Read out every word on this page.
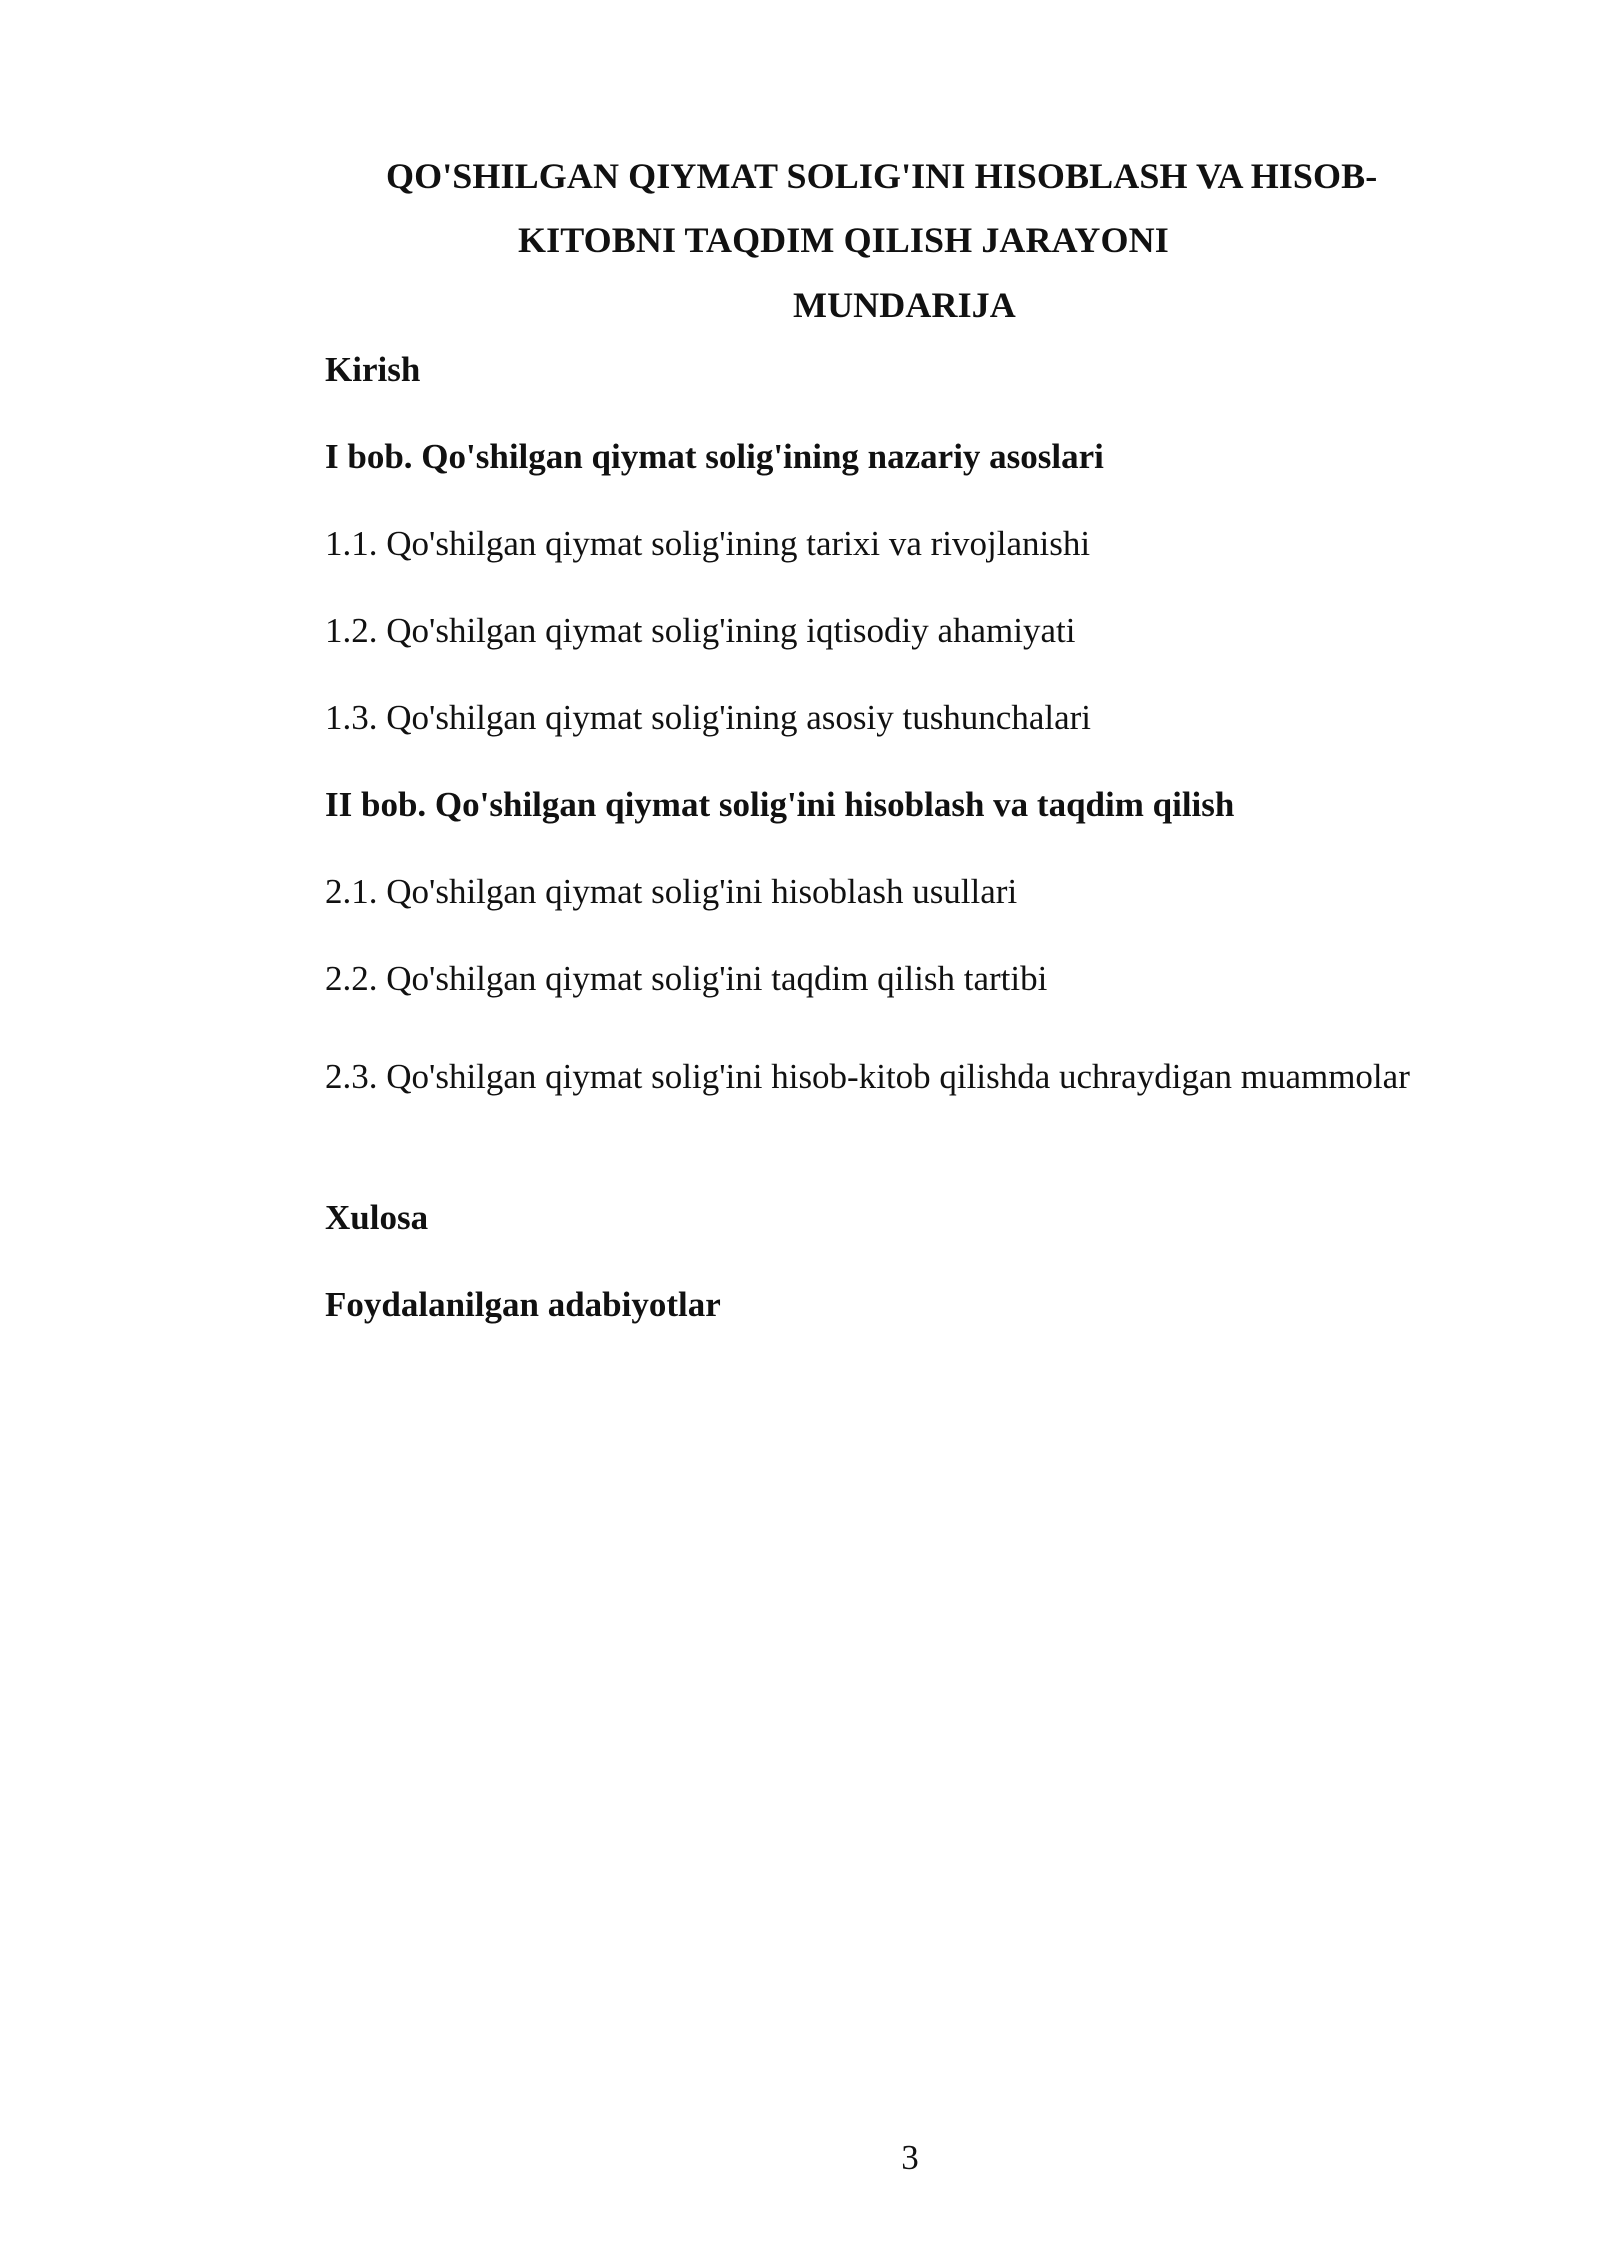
QO'SHILGAN QIYMAT SOLIG'INI HISOBLASH VA HISOB-
KITOBNI TAQDIM QILISH JARAYONI
MUNDARIJA
Kirish
I bob. Qo'shilgan qiymat solig'ining nazariy asoslari
1.1. Qo'shilgan qiymat solig'ining tarixi va rivojlanishi
1.2. Qo'shilgan qiymat solig'ining iqtisodiy ahamiyati
1.3. Qo'shilgan qiymat solig'ining asosiy tushunchalari
II bob. Qo'shilgan qiymat solig'ini hisoblash va taqdim qilish
2.1. Qo'shilgan qiymat solig'ini hisoblash usullari
2.2. Qo'shilgan qiymat solig'ini taqdim qilish tartibi
2.3. Qo'shilgan qiymat solig'ini hisob-kitob qilishda uchraydigan muammolar
Xulosa
Foydalanilgan adabiyotlar
3
